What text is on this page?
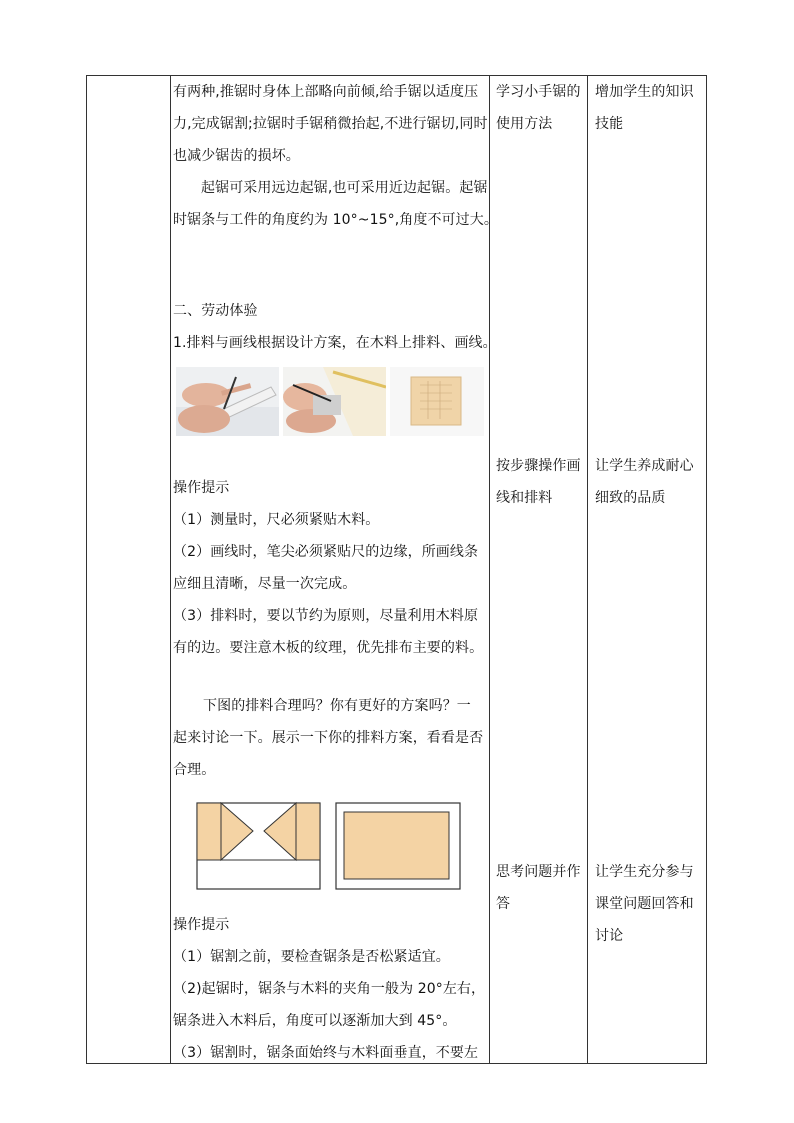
有两种,推锯时身体上部略向前倾,给手锯以适度压
力,完成锯割;拉锯时手锯稍微抬起,不进行锯切,同时
也减少锯齿的损坏。
起锯可采用远边起锯,也可采用近边起锯。起锯
时锯条与工件的角度约为 10°~15°,角度不可过大。
二、劳动体验
1.排料与画线根据设计方案，在木料上排料、画线。
操作提示
（1）测量时，尺必须紧贴木料。
（2）画线时，笔尖必须紧贴尺的边缘，所画线条
应细且清晰，尽量一次完成。
（3）排料时，要以节约为原则，尽量利用木料原
有的边。要注意木板的纹理，优先排布主要的料。
下图的排料合理吗？你有更好的方案吗？一
起来讨论一下。展示一下你的排料方案，看看是否
合理。
操作提示
（1）锯割之前，要检查锯条是否松紧适宜。
（2)起锯时，锯条与木料的夹角一般为 20°左右，
锯条进入木料后，角度可以逐渐加大到 45°。
（3）锯割时，锯条面始终与木料面垂直，不要左
学习小手锯的
使用方法
按步骤操作画
线和排料
思考问题并作
答
增加学生的知识
技能
让学生养成耐心
细致的品质
让学生充分参与
课堂问题回答和
讨论
